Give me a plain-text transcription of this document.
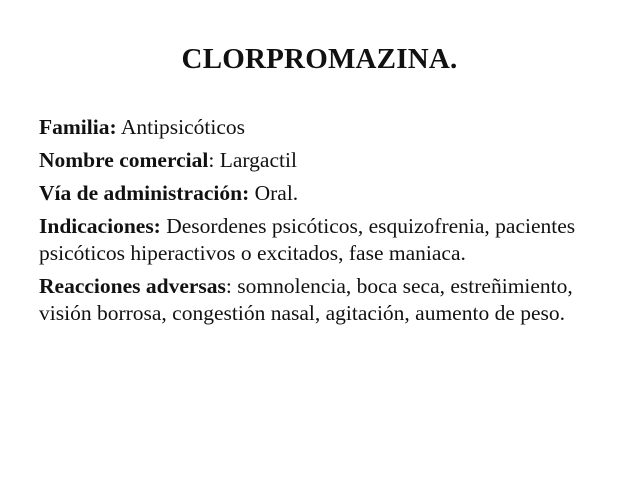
CLORPROMAZINA.

Familia: Antipsicóticos

Nombre comercial: Largactil

Vía de administración: Oral.

Indicaciones: Desordenes psicóticos, esquizofrenia, pacientes psicóticos hiperactivos o excitados, fase maniaca.

Reacciones adversas: somnolencia, boca seca, estreñimiento, visión borrosa, congestión nasal, agitación, aumento de peso.
